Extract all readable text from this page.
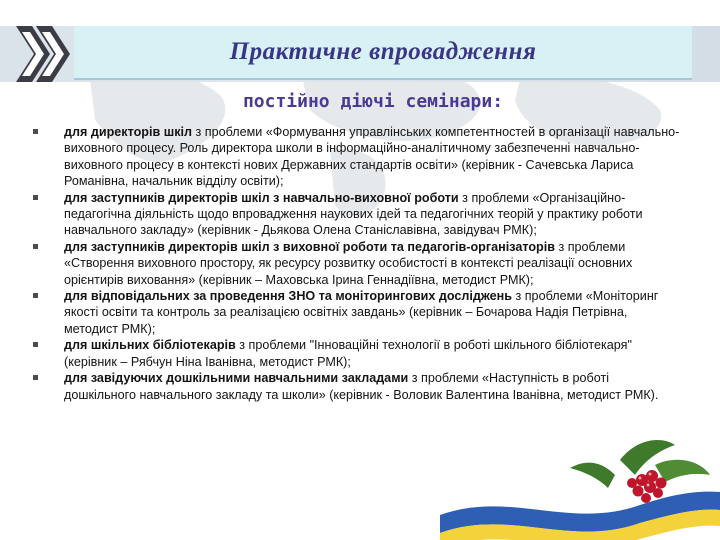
Практичне впровадження
постійно діючі семінари:

для директорів шкіл з проблеми «Формування управлінських компетентностей в організації навчально-виховного процесу. Роль директора школи в інформаційно-аналітичному забезпеченні навчально-виховного процесу в контексті нових Державних стандартів освіти» (керівник - Сачевська Лариса Романівна, начальник відділу освіти);

для заступників директорів шкіл з навчально-виховної роботи з проблеми «Організаційно-педагогічна діяльність щодо впровадження наукових ідей та педагогічних теорій у практику роботи навчального закладу» (керівник - Дьякова Олена Станіславівна, завідувач РМК);

для заступників директорів шкіл з виховної роботи та педагогів-організаторів з проблеми «Створення виховного простору, як ресурсу розвитку особистості в контексті реалізації основних орієнтирів виховання» (керівник – Маховська Ірина Геннадіївна, методист РМК);

для відповідальних за проведення ЗНО та моніторингових досліджень з проблеми «Моніторинг якості освіти та контроль за реалізацією освітніх завдань» (керівник – Бочарова Надія Петрівна, методист РМК);

для шкільних бібліотекарів з проблеми "Інноваційні технології в роботі шкільного бібліотекаря" (керівник – Рябчун Ніна Іванівна, методист РМК);

для завідуючих дошкільними навчальними закладами з проблеми «Наступність в роботі дошкільного навчального закладу та школи» (керівник - Воловик Валентина Іванівна, методист РМК).
